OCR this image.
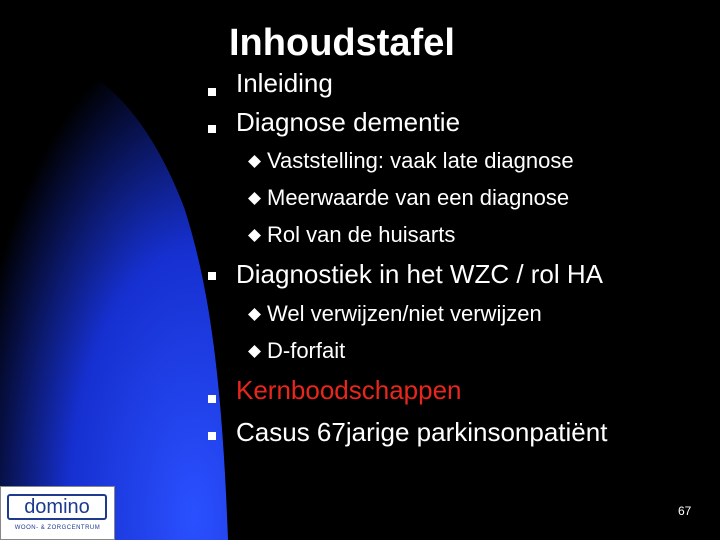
Inhoudstafel
Inleiding
Diagnose dementie
Vaststelling: vaak late diagnose
Meerwaarde van een diagnose
Rol van de huisarts
Diagnostiek in het WZC / rol HA
Wel verwijzen/niet verwijzen
D-forfait
Kernboodschappen
Casus 67jarige parkinsonpatiënt
domino
WOON- & ZORGCENTRUM
67
